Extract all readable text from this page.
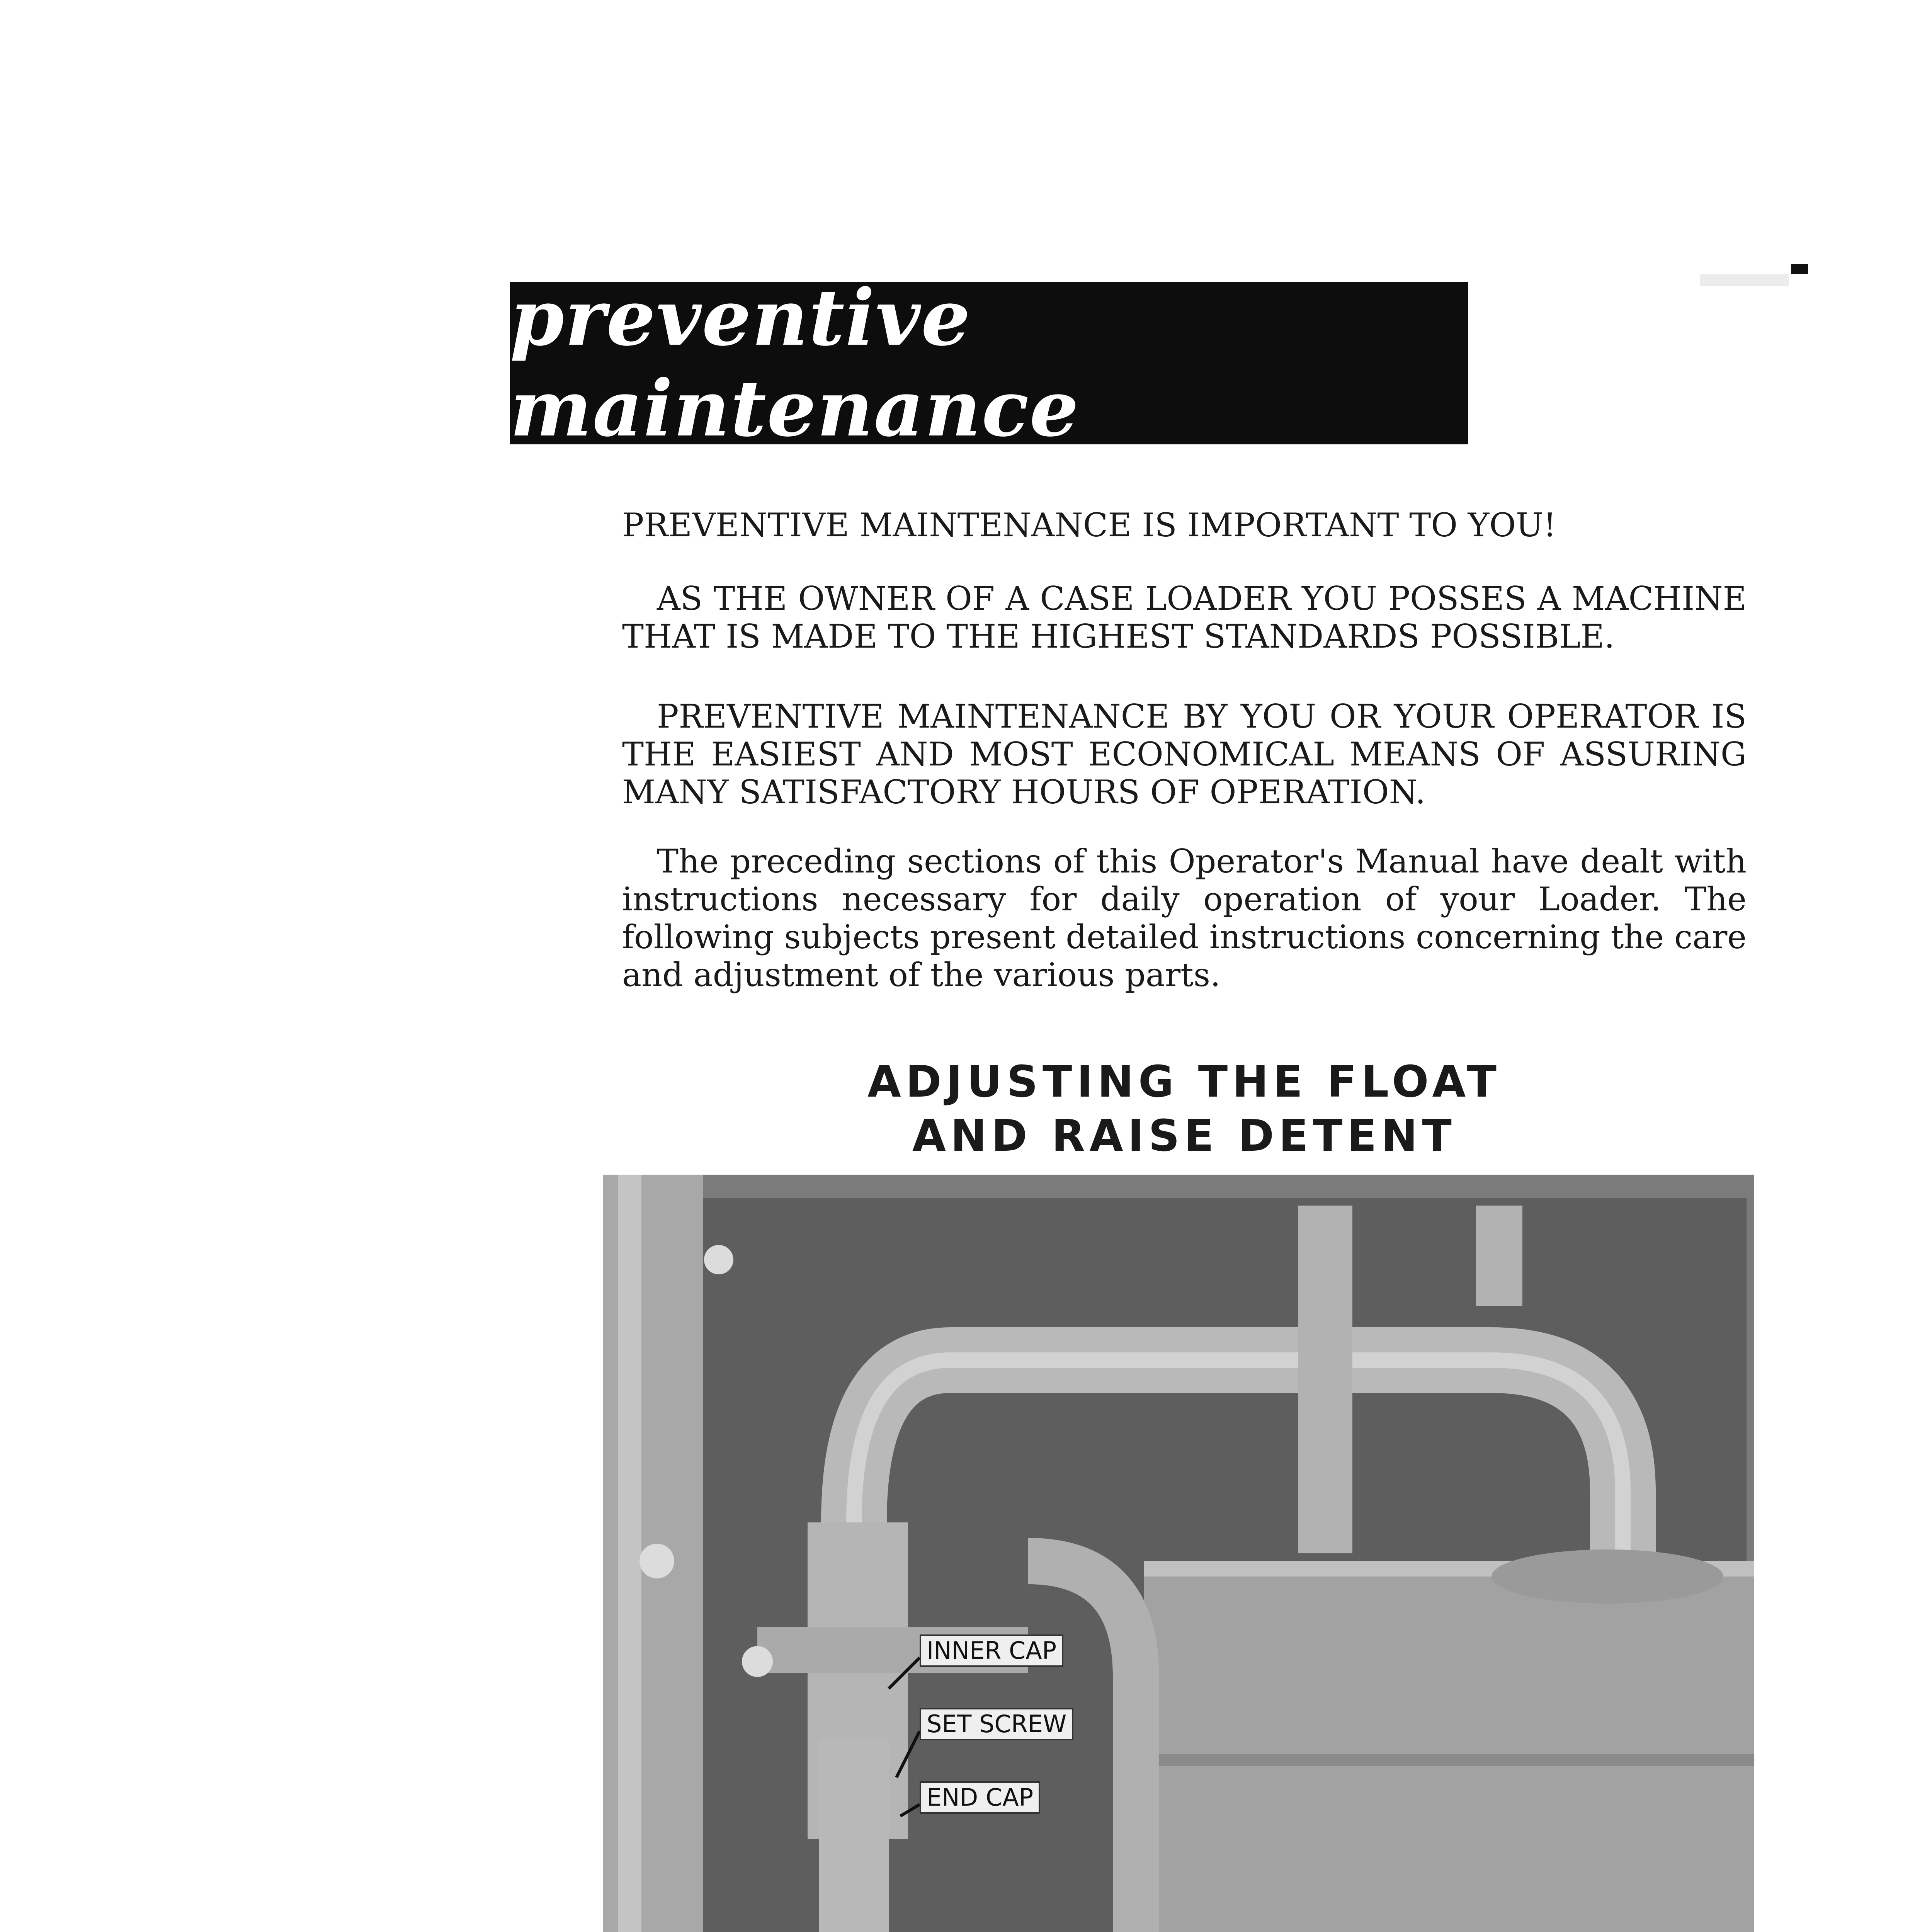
preventive maintenance

PREVENTIVE MAINTENANCE IS IMPORTANT TO YOU!

AS THE OWNER OF A CASE LOADER YOU POSSES A MACHINE THAT IS MADE TO THE HIGHEST STANDARDS POSSIBLE.

PREVENTIVE MAINTENANCE BY YOU OR YOUR OPERATOR IS THE EASIEST AND MOST ECONOMICAL MEANS OF ASSURING MANY SATISFACTORY HOURS OF OPERATION.

The preceding sections of this Operator's Manual have dealt with instructions necessary for daily operation of your Loader. The following subjects present detailed instructions concerning the care and adjustment of the various parts.

ADJUSTING THE FLOAT
AND RAISE DETENT
INNER CAP
SET SCREW
END CAP
